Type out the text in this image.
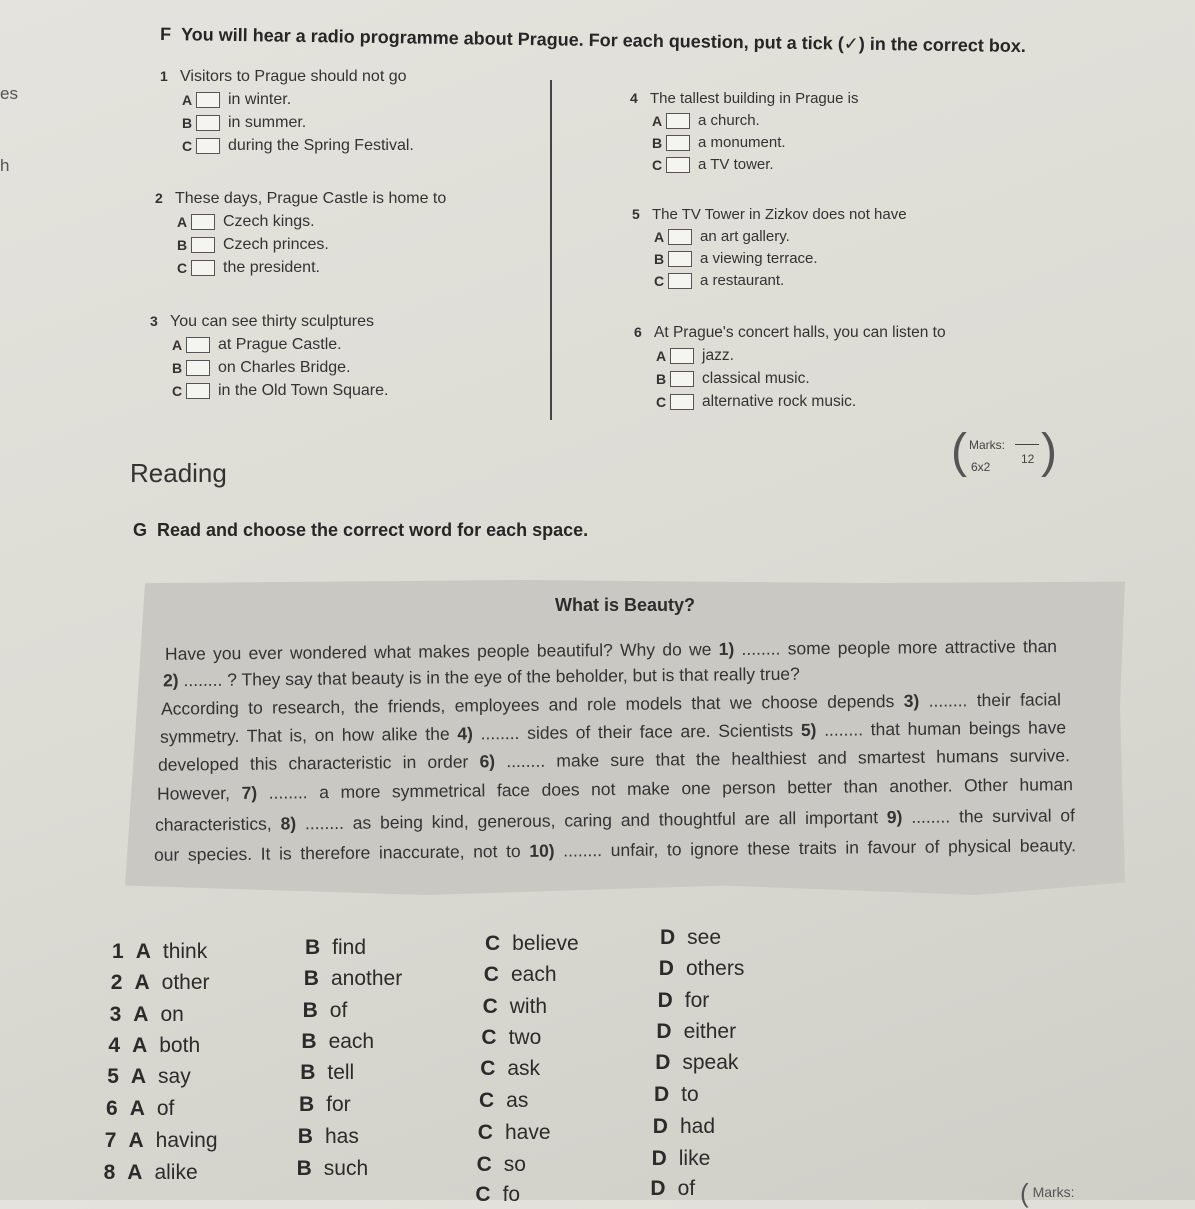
es
h
F You will hear a radio programme about Prague. For each question, put a tick (✓) in the correct box.
1 Visitors to Prague should not go
A in winter.
B in summer.
C during the Spring Festival.
2 These days, Prague Castle is home to
A Czech kings.
B Czech princes.
C the president.
3 You can see thirty sculptures
A at Prague Castle.
B on Charles Bridge.
C in the Old Town Square.
4 The tallest building in Prague is
A a church.
B a monument.
C a TV tower.
5 The TV Tower in Zizkov does not have
A an art gallery.
B a viewing terrace.
C a restaurant.
6 At Prague's concert halls, you can listen to
A jazz.
B classical music.
C alternative rock music.
( Marks:
6x2
12 )
Reading
G Read and choose the correct word for each space.
What is Beauty?
Have you ever wondered what makes people beautiful? Why do we 1) ........ some people more attractive than
2) ........ ? They say that beauty is in the eye of the beholder, but is that really true?
According to research, the friends, employees and role models that we choose depends 3) ........ their facial
symmetry. That is, on how alike the 4) ........ sides of their face are. Scientists 5) ........ that human beings have
developed this characteristic in order 6) ........ make sure that the healthiest and smartest humans survive.
However, 7) ........ a more symmetrical face does not make one person better than another. Other human
characteristics, 8) ........ as being kind, generous, caring and thoughtful are all important 9) ........ the survival of
our species. It is therefore inaccurate, not to 10) ........ unfair, to ignore these traits in favour of physical beauty.
1 A think	B find	C believe	D see
2 A other	B another	C each	D others
3 A on	B of	C with	D for
4 A both	B each	C two	D either
5 A say	B tell	C ask	D speak
6 A of	B for	C as	D to
7 A having	B has	C have	D had
8 A alike	B such	C so	D like
C fo	D of	( Marks:
